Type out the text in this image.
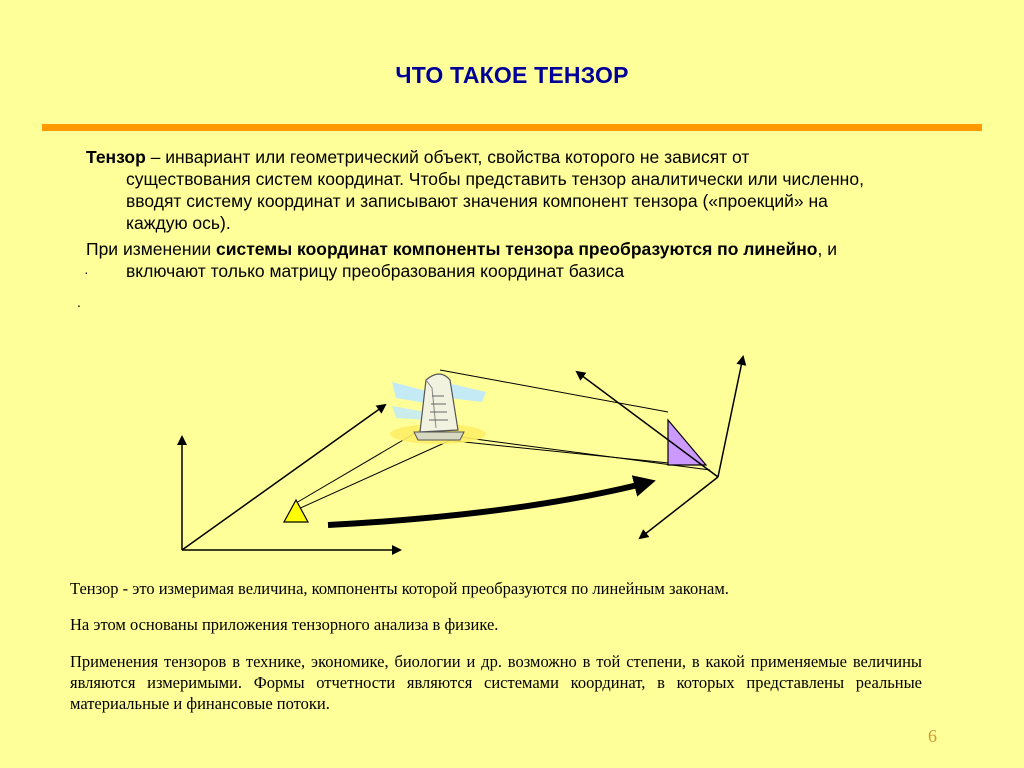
ЧТО ТАКОЕ ТЕНЗОР
Тензор – инвариант или геометрический объект, свойства которого не зависят от
существования систем координат. Чтобы представить тензор аналитически или численно,
вводят систему координат и записывают значения компонент тензора («проекций» на
каждую ось).
При изменении системы координат компоненты тензора преобразуются по линейно, и
включают только матрицу преобразования координат базиса
·
.
Тензор - это измеримая величина, компоненты которой преобразуются по линейным законам.
На этом основаны приложения тензорного анализа в физике.
Применения тензоров в технике, экономике, биологии и др. возможно в той степени, в какой применяемые величины являются измеримыми. Формы отчетности являются системами координат, в которых представлены реальные материальные и финансовые потоки.
6
